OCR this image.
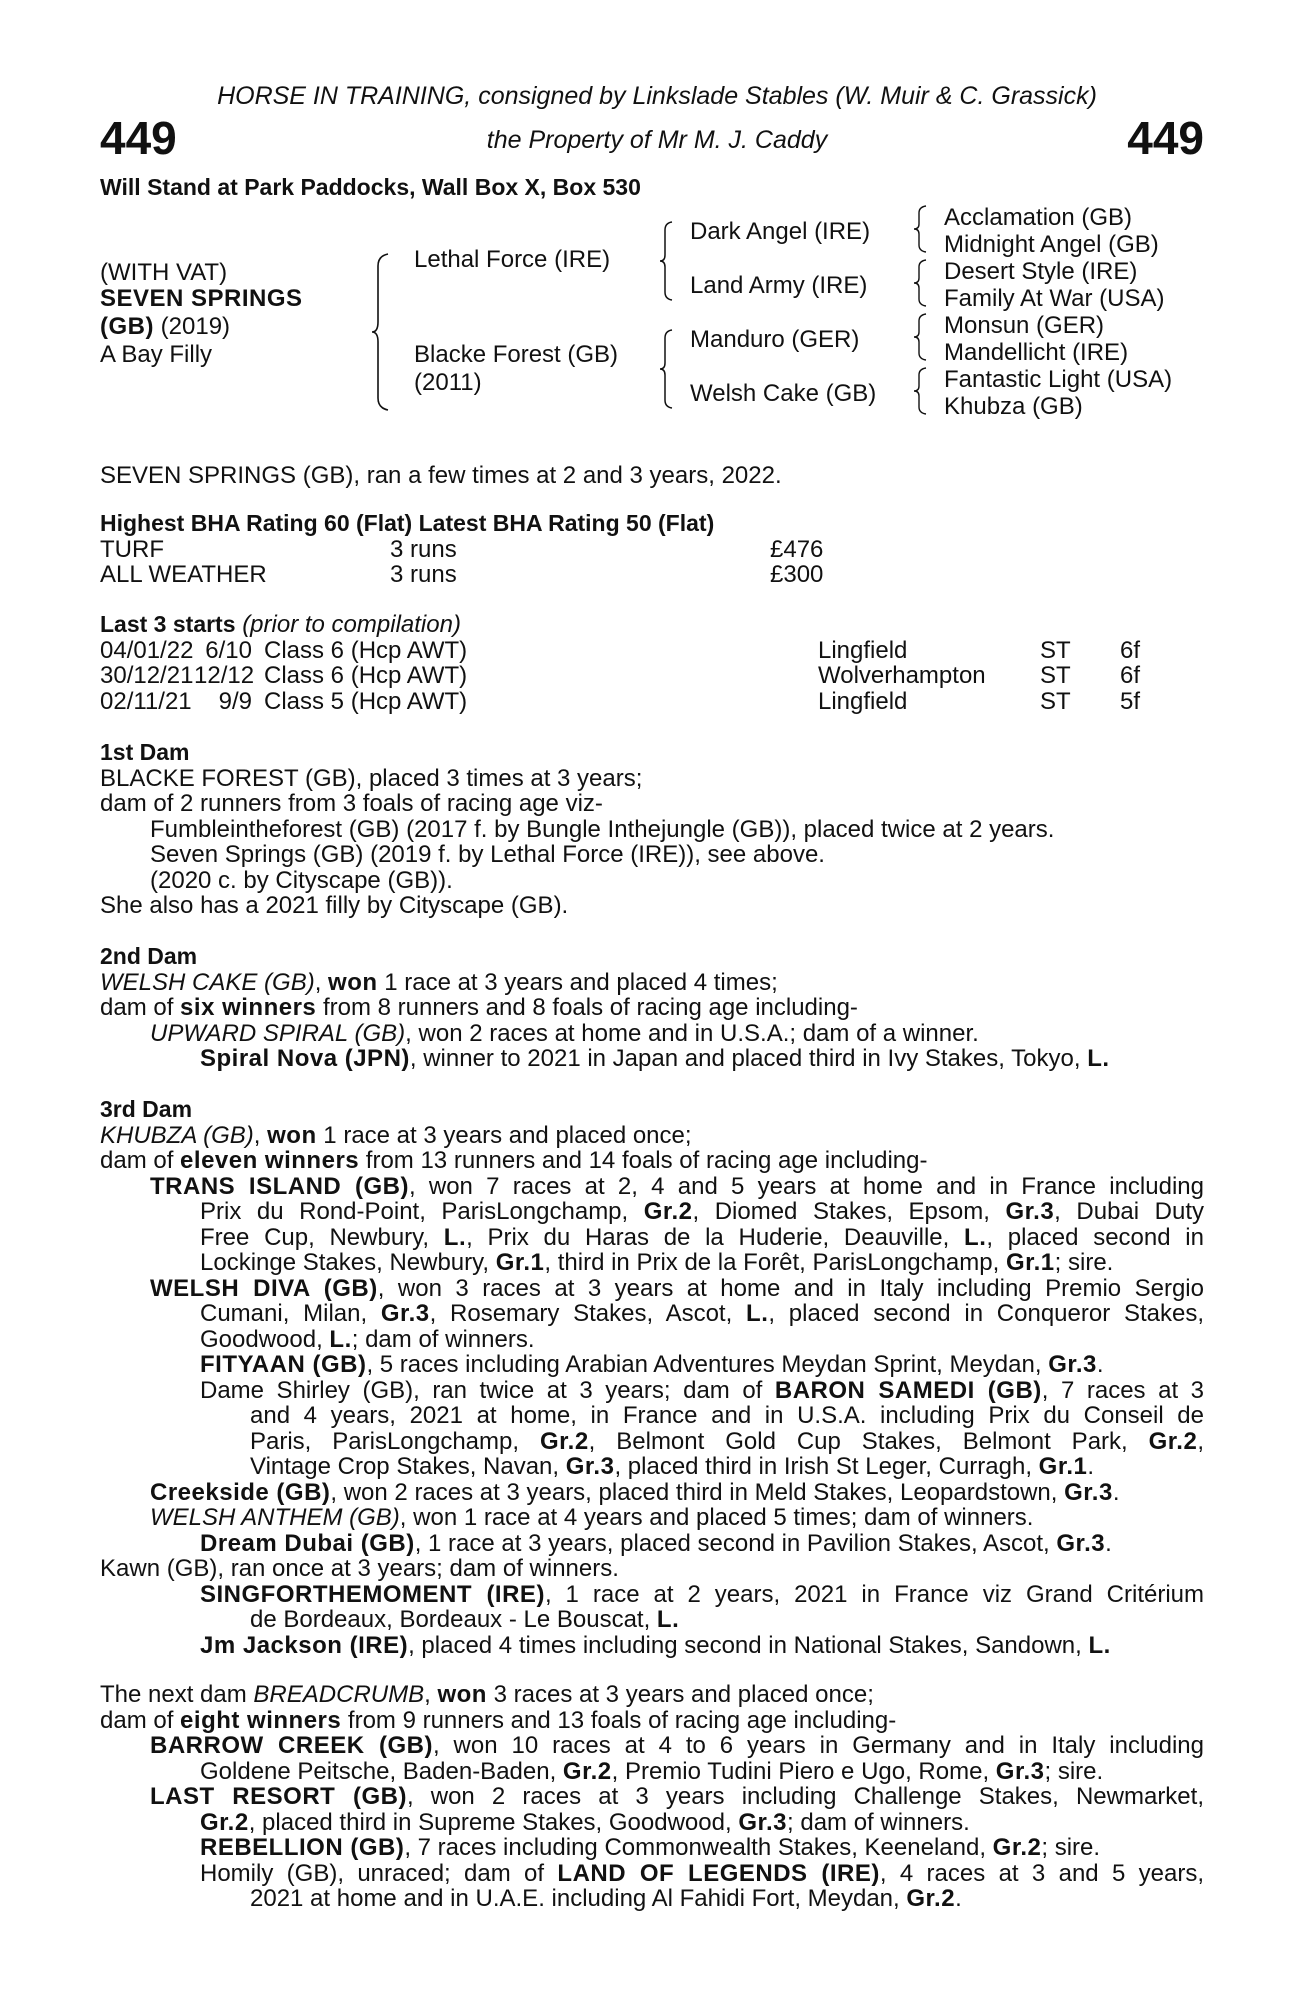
HORSE IN TRAINING, consigned by Linkslade Stables (W. Muir & C. Grassick)
449	449
the Property of Mr M. J. Caddy
Will Stand at Park Paddocks, Wall Box X, Box 530
(WITH VAT)
SEVEN SPRINGS
(GB) (2019)
A Bay Filly
Lethal Force (IRE)
Blacke Forest (GB)
(2011)
Dark Angel (IRE)
Land Army (IRE)
Manduro (GER)
Welsh Cake (GB)
Acclamation (GB)
Midnight Angel (GB)
Desert Style (IRE)
Family At War (USA)
Monsun (GER)
Mandellicht (IRE)
Fantastic Light (USA)
Khubza (GB)
SEVEN SPRINGS (GB), ran a few times at 2 and 3 years, 2022.
Highest BHA Rating 60 (Flat) Latest BHA Rating 50 (Flat)
TURF	3 runs	£476
ALL WEATHER	3 runs	£300
Last 3 starts (prior to compilation)
04/01/22 6/10 Class 6 (Hcp AWT)	Lingfield	ST	6f
30/12/21 12/12 Class 6 (Hcp AWT)	Wolverhampton	ST	6f
02/11/21	9/9 Class 5 (Hcp AWT)	Lingfield	ST	5f
1st Dam
BLACKE FOREST (GB), placed 3 times at 3 years;
dam of 2 runners from 3 foals of racing age viz-
Fumbleintheforest (GB) (2017 f. by Bungle Inthejungle (GB)), placed twice at 2 years.
Seven Springs (GB) (2019 f. by Lethal Force (IRE)), see above.
(2020 c. by Cityscape (GB)).
She also has a 2021 filly by Cityscape (GB).
2nd Dam
WELSH CAKE (GB), won 1 race at 3 years and placed 4 times;
dam of six winners from 8 runners and 8 foals of racing age including-
UPWARD SPIRAL (GB), won 2 races at home and in U.S.A.; dam of a winner.
Spiral Nova (JPN), winner to 2021 in Japan and placed third in Ivy Stakes, Tokyo, L.
3rd Dam
KHUBZA (GB), won 1 race at 3 years and placed once;
dam of eleven winners from 13 runners and 14 foals of racing age including-
TRANS ISLAND (GB), won 7 races at 2, 4 and 5 years at home and in France including
Prix du Rond-Point, ParisLongchamp, Gr.2, Diomed Stakes, Epsom, Gr.3, Dubai Duty
Free Cup, Newbury, L., Prix du Haras de la Huderie, Deauville, L., placed second in
Lockinge Stakes, Newbury, Gr.1, third in Prix de la Forêt, ParisLongchamp, Gr.1; sire.
WELSH DIVA (GB), won 3 races at 3 years at home and in Italy including Premio Sergio
Cumani, Milan, Gr.3, Rosemary Stakes, Ascot, L., placed second in Conqueror Stakes,
Goodwood, L.; dam of winners.
FITYAAN (GB), 5 races including Arabian Adventures Meydan Sprint, Meydan, Gr.3.
Dame Shirley (GB), ran twice at 3 years; dam of BARON SAMEDI (GB), 7 races at 3
and 4 years, 2021 at home, in France and in U.S.A. including Prix du Conseil de
Paris, ParisLongchamp, Gr.2, Belmont Gold Cup Stakes, Belmont Park, Gr.2,
Vintage Crop Stakes, Navan, Gr.3, placed third in Irish St Leger, Curragh, Gr.1.
Creekside (GB), won 2 races at 3 years, placed third in Meld Stakes, Leopardstown, Gr.3.
WELSH ANTHEM (GB), won 1 race at 4 years and placed 5 times; dam of winners.
Dream Dubai (GB), 1 race at 3 years, placed second in Pavilion Stakes, Ascot, Gr.3.
Kawn (GB), ran once at 3 years; dam of winners.
SINGFORTHEMOMENT (IRE), 1 race at 2 years, 2021 in France viz Grand Critérium
de Bordeaux, Bordeaux - Le Bouscat, L.
Jm Jackson (IRE), placed 4 times including second in National Stakes, Sandown, L.
The next dam BREADCRUMB, won 3 races at 3 years and placed once;
dam of eight winners from 9 runners and 13 foals of racing age including-
BARROW CREEK (GB), won 10 races at 4 to 6 years in Germany and in Italy including
Goldene Peitsche, Baden-Baden, Gr.2, Premio Tudini Piero e Ugo, Rome, Gr.3; sire.
LAST RESORT (GB), won 2 races at 3 years including Challenge Stakes, Newmarket,
Gr.2, placed third in Supreme Stakes, Goodwood, Gr.3; dam of winners.
REBELLION (GB), 7 races including Commonwealth Stakes, Keeneland, Gr.2; sire.
Homily (GB), unraced; dam of LAND OF LEGENDS (IRE), 4 races at 3 and 5 years,
2021 at home and in U.A.E. including Al Fahidi Fort, Meydan, Gr.2.
